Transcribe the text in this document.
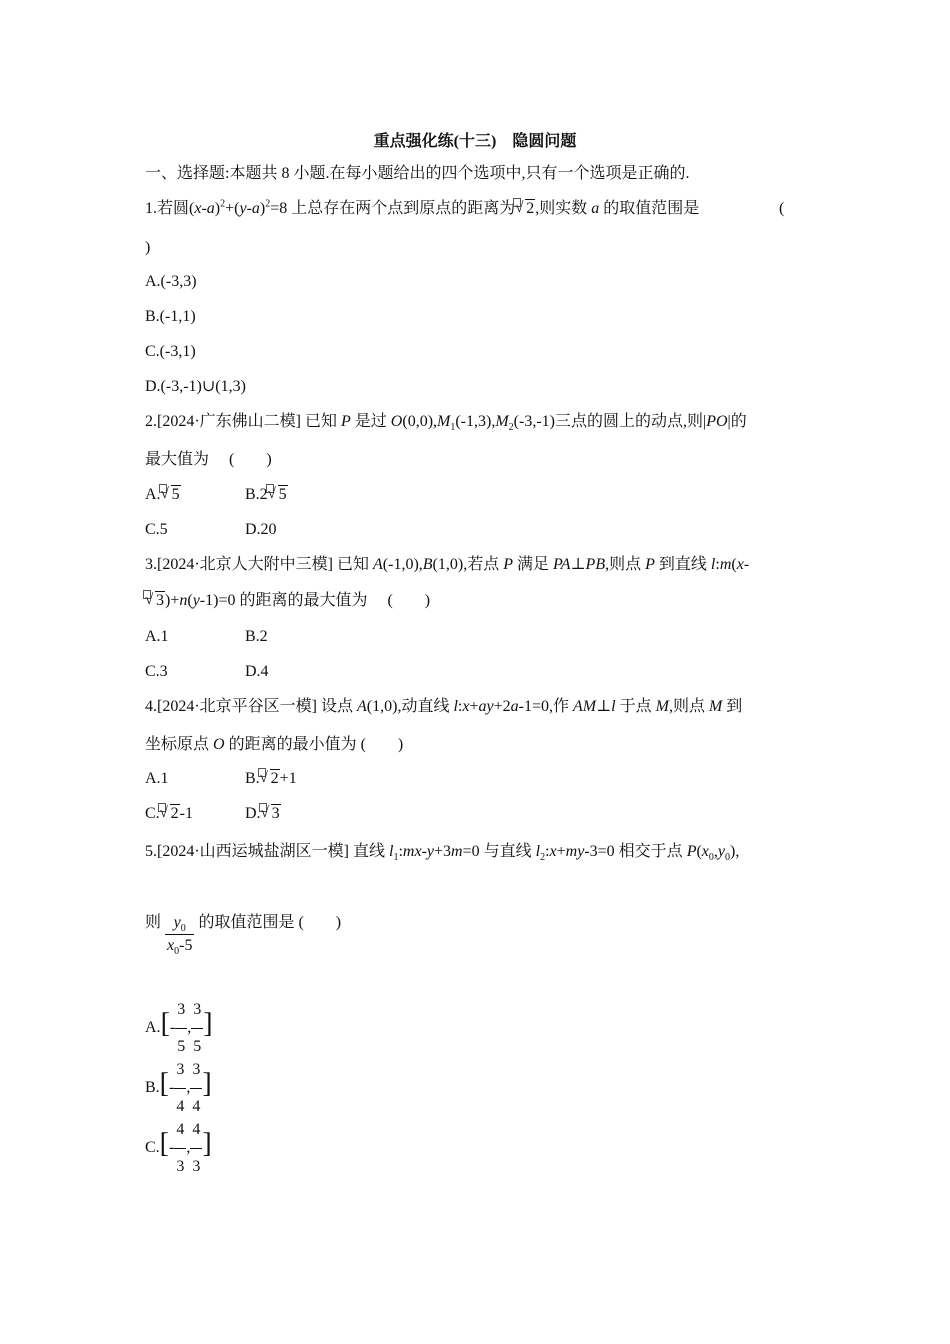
重点强化练(十三)　隐圆问题
一、选择题:本题共 8 小题.在每小题给出的四个选项中,只有一个选项是正确的.
1.若圆$(x-a)^2+(y-a)^2=8$ 上总存在两个点到原点的距离为 √ 2,则实数 a 的取值范围是	(
)
A.(-3,3)
B.(-1,1)
C.(-3,1)
D.(-3,-1)∪(1,3)
2.[2024·广东佛山二模] 已知 P 是过 $O(0,0),M_1(-1,3),M_2(-3,-1)$三点的圆上的动点,则|PO|的
最大值为　 (　　)
A. √ 5	B.2 √ 5
C.5	D.20
3.[2024·北京人大附中三模] 已知 A(-1,0),B(1,0),若点 P 满足 PA⊥PB,则点 P 到直线 l:m(x-
√ 3)+n(y-1)=0 的距离的最大值为　 (　　)
A.1	B.2
C.3	D.4
4.[2024·北京平谷区一模] 设点 A(1,0),动直线 l:x+ay+2a-1=0,作 AM⊥l 于点 M,则点 M 到
坐标原点 O 的距离的最小值为 (　　)
A.1	B. √ 2+1
C. √ 2-1	D. √ 3
5.[2024·山西运城盐湖区一模] 直线 $l_1:mx-y+3m=0$ 与直线 $l_2:x+my-3=0$ 相交于点 $P(x_0,y_0)$,
则 $\frac{y_0}{x_0-5}$ 的取值范围是 (　　)
$A.[- \frac{3}{5}$ , $\frac{3}{5}$ ]
$B.[- \frac{3}{4}$ , $\frac{3}{4}$ ]
$C.[- \frac{4}{3}$ , $\frac{4}{3}$ ]
